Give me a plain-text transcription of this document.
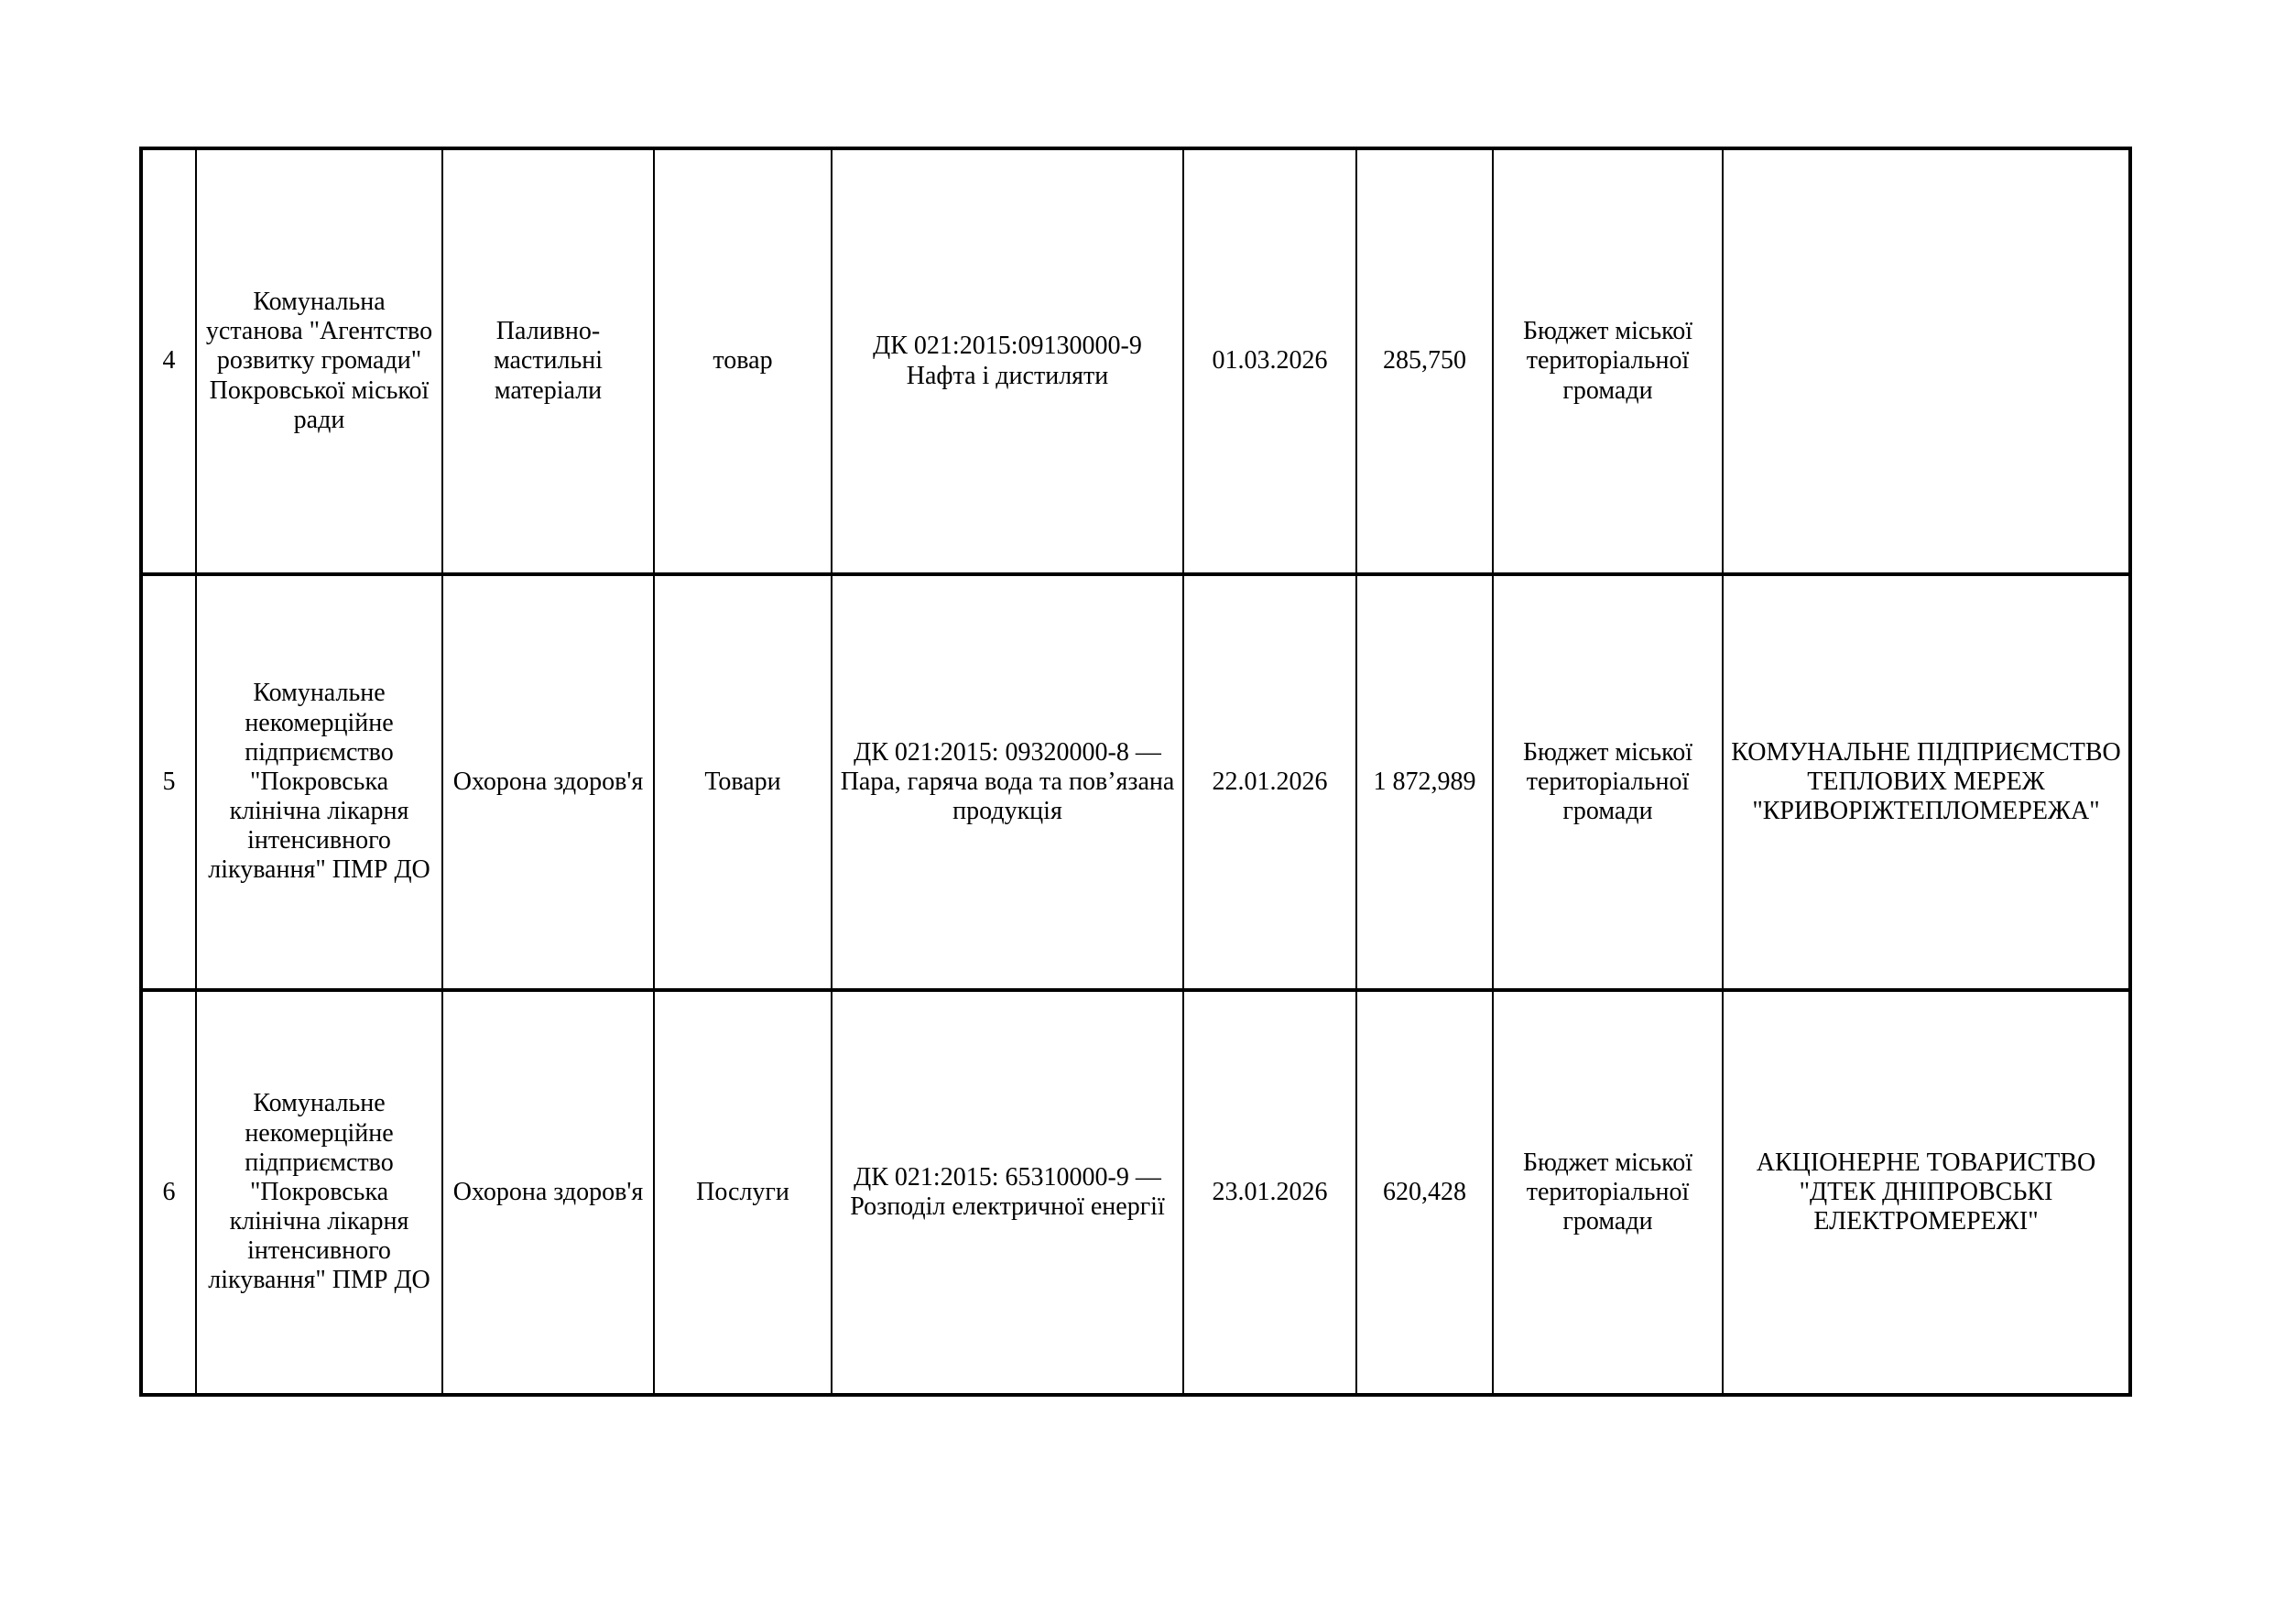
4	Комунальна установа "Агентство розвитку громади" Покровської міської ради	Паливно-мастильні матеріали	товар	ДК 021:2015:09130000-9 Нафта і дистиляти	01.03.2026	285,750	Бюджет міської територіальної громади	
5	Комунальне некомерційне підприємство "Покровська клінічна лікарня інтенсивного лікування" ПМР ДО	Охорона здоров'я	Товари	ДК 021:2015: 09320000-8 — Пара, гаряча вода та пов’язана продукція	22.01.2026	1 872,989	Бюджет міської територіальної громади	КОМУНАЛЬНЕ ПІДПРИЄМСТВО ТЕПЛОВИХ МЕРЕЖ "КРИВОРІЖТЕПЛОМЕРЕЖА"
6	Комунальне некомерційне підприємство "Покровська клінічна лікарня інтенсивного лікування" ПМР ДО	Охорона здоров'я	Послуги	ДК 021:2015: 65310000-9 — Розподіл електричної енергії	23.01.2026	620,428	Бюджет міської територіальної громади	АКЦІОНЕРНЕ ТОВАРИСТВО "ДТЕК ДНІПРОВСЬКІ ЕЛЕКТРОМЕРЕЖІ"
